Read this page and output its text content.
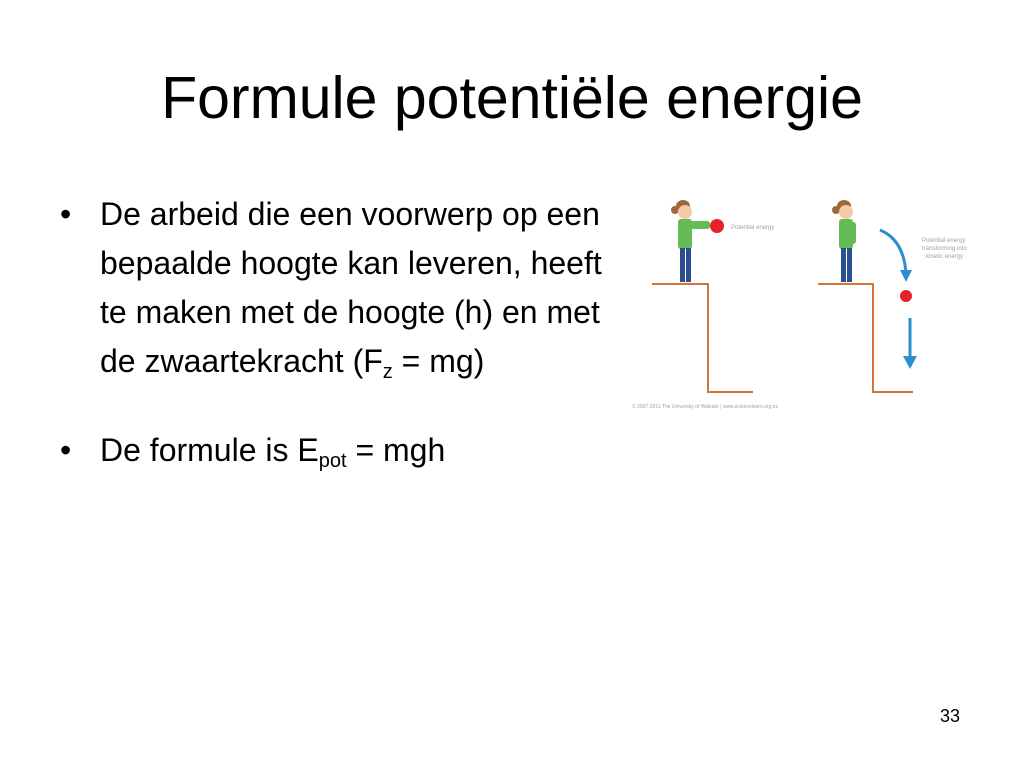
Formule potentiële energie
• De arbeid die een voorwerp op een bepaalde hoogte kan leveren, heeft te maken met de hoogte (h) en met de zwaartekracht $(F_z = mg)$
• De formule is $E_{pot}$ = mgh
Potential energy
Potential energy
transforming into
kinetic energy
© 2007-2011 The University of Waikato | www.sciencelearn.org.nz
33
